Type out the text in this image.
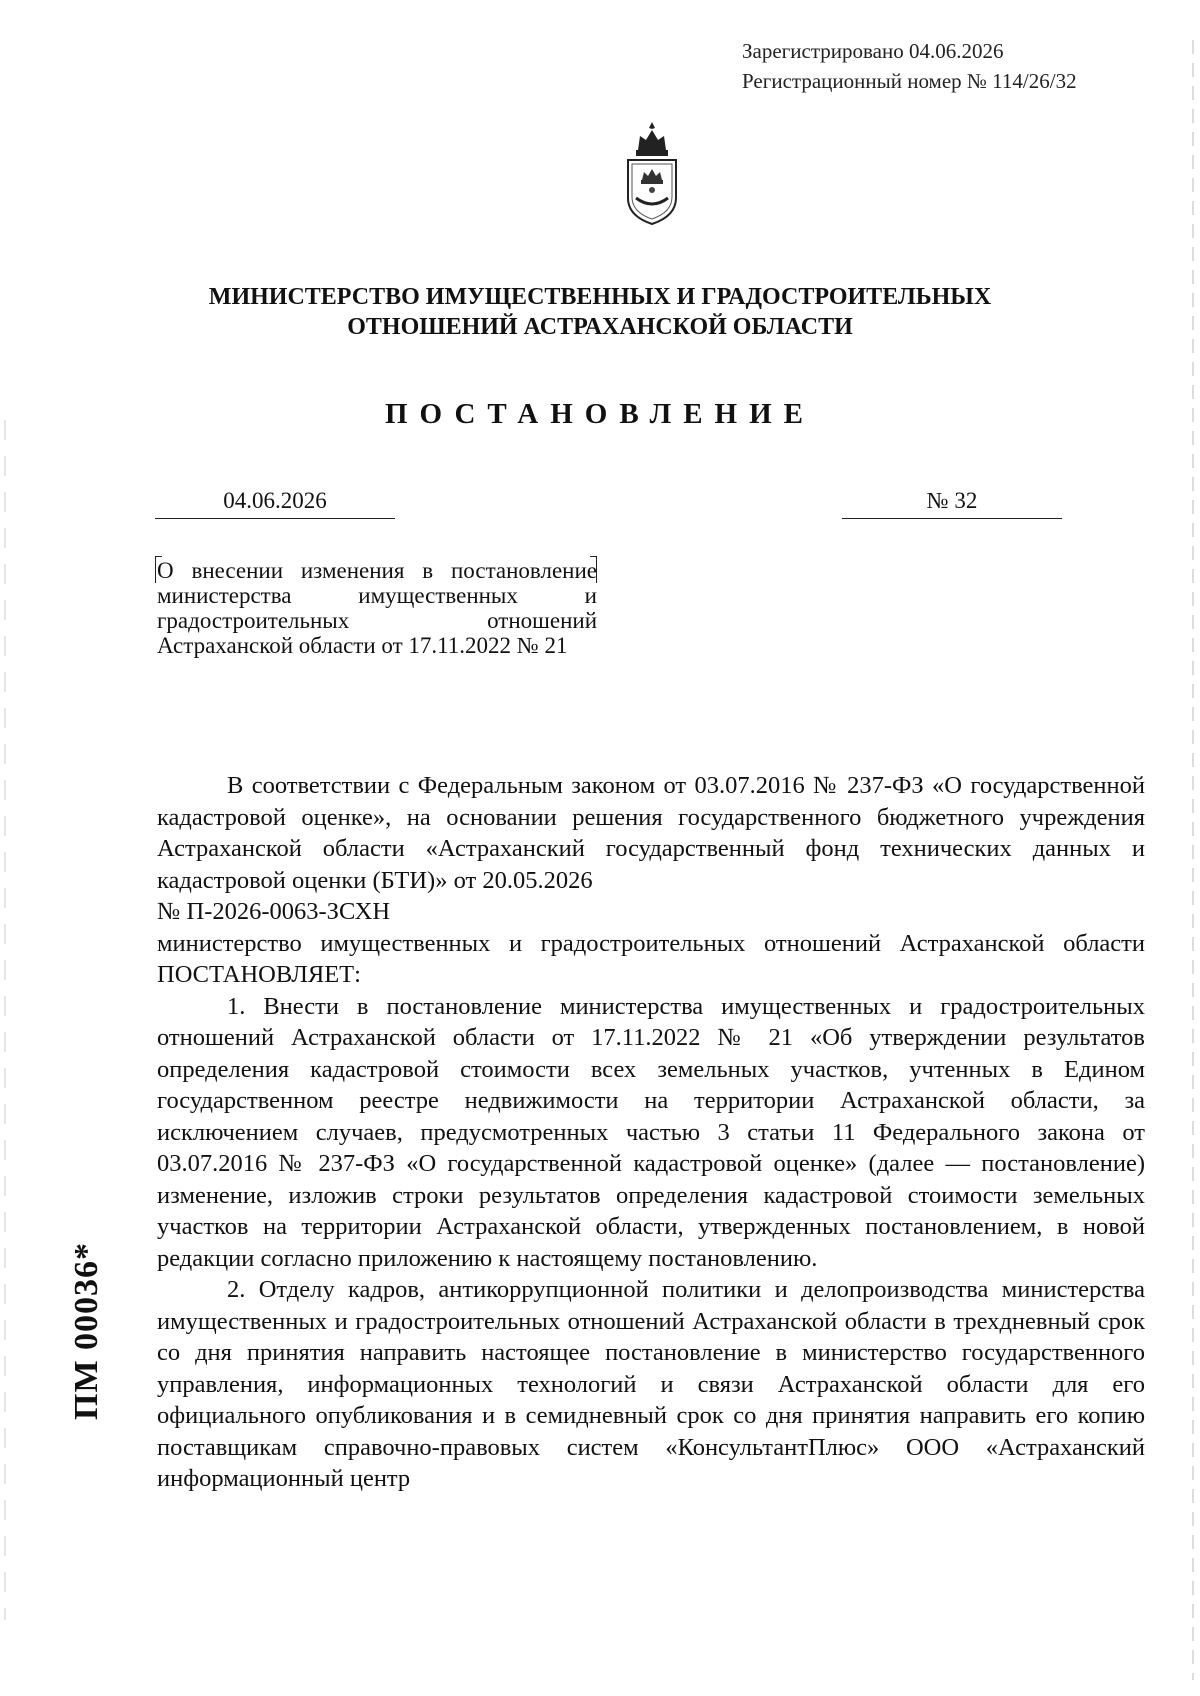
Зарегистрировано 04.06.2026
Регистрационный номер № 114/26/32
МИНИСТЕРСТВО ИМУЩЕСТВЕННЫХ И ГРАДОСТРОИТЕЛЬНЫХ
ОТНОШЕНИЙ АСТРАХАНСКОЙ ОБЛАСТИ
ПОСТАНОВЛЕНИЕ
04.06.2026	№ 32
О внесении изменения в постановление министерства имущественных и градостроительных отношений Астраханской области от 17.11.2022 № 21

В соответствии с Федеральным законом от 03.07.2016 № 237-ФЗ «О государственной кадастровой оценке», на основании решения государственного бюджетного учреждения Астраханской области «Астраханский государственный фонд технических данных и кадастровой оценки (БТИ)» от 20.05.2026

№ П-2026-0063-ЗСХН

министерство имущественных и градостроительных отношений Астраханской области ПОСТАНОВЛЯЕТ:

1. Внести в постановление министерства имущественных и градостроительных отношений Астраханской области от 17.11.2022 № 21 «Об утверждении результатов определения кадастровой стоимости всех земельных участков, учтенных в Едином государственном реестре недвижимости на территории Астраханской области, за исключением случаев, предусмотренных частью 3 статьи 11 Федерального закона от 03.07.2016 № 237-ФЗ «О государственной кадастровой оценке» (далее — постановление) изменение, изложив строки результатов определения кадастровой стоимости земельных участков на территории Астраханской области, утвержденных постановлением, в новой редакции согласно приложению к настоящему постановлению.

2. Отделу кадров, антикоррупционной политики и делопроизводства министерства имущественных и градостроительных отношений Астраханской области в трехдневный срок со дня принятия направить настоящее постановление в министерство государственного управления, информационных технологий и связи Астраханской области для его официального опубликования и в семидневный срок со дня принятия направить его копию поставщикам справочно-правовых систем «КонсультантПлюс» ООО «Астраханский информационный центр

ПМ 00036*
